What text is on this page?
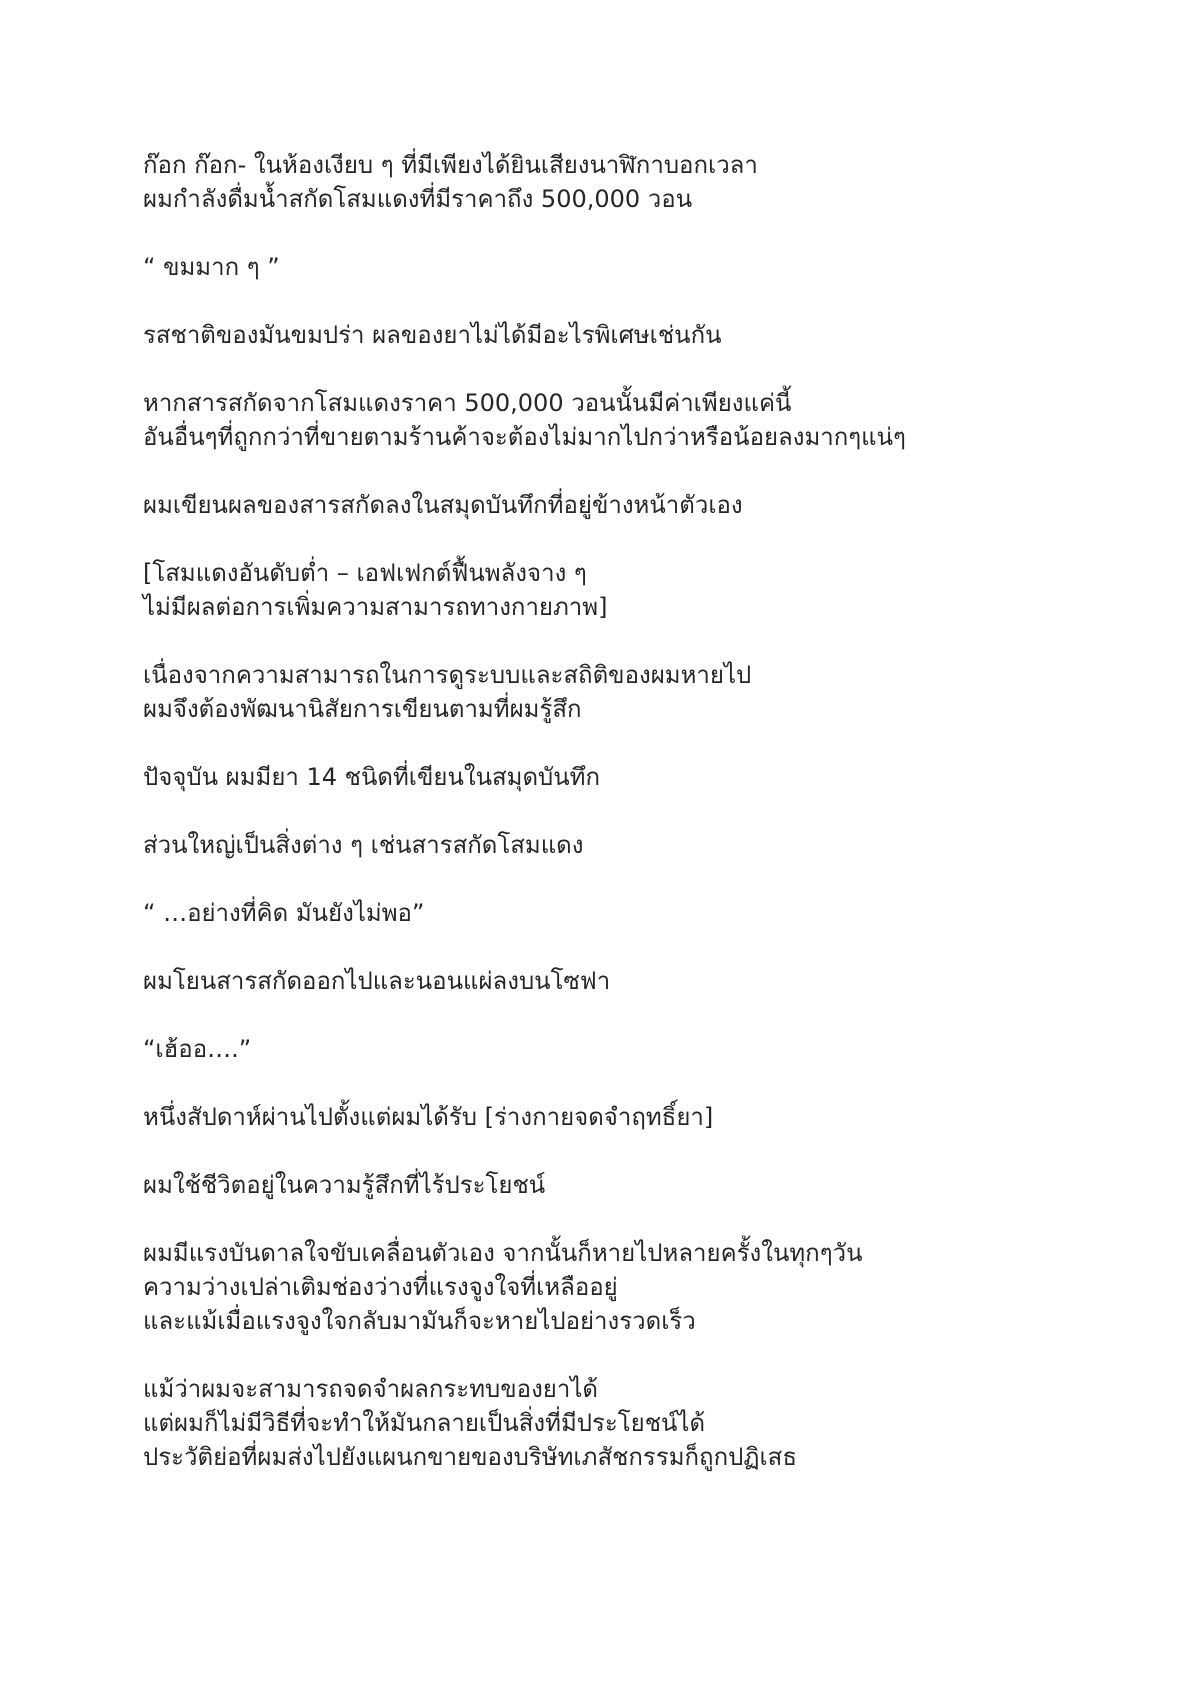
ก๊อก ก๊อก- ในห้องเงียบ ๆ ที่มีเพียงได้ยินเสียงนาฬิกาบอกเวลา
ผมกำลังดื่มน้ำสกัดโสมแดงที่มีราคาถึง 500,000 วอน
“ ขมมาก ๆ ”
รสชาติของมันขมปร่า ผลของยาไม่ได้มีอะไรพิเศษเช่นกัน
หากสารสกัดจากโสมแดงราคา 500,000 วอนนั้นมีค่าเพียงแค่นี้
อันอื่นๆที่ถูกกว่าที่ขายตามร้านค้าจะต้องไม่มากไปกว่าหรือน้อยลงมากๆแน่ๆ
ผมเขียนผลของสารสกัดลงในสมุดบันทึกที่อยู่ข้างหน้าตัวเอง
[โสมแดงอันดับต่ำ – เอฟเฟกต์ฟื้นพลังจาง ๆ
ไม่มีผลต่อการเพิ่มความสามารถทางกายภาพ]
เนื่องจากความสามารถในการดูระบบและสถิติของผมหายไป
ผมจึงต้องพัฒนานิสัยการเขียนตามที่ผมรู้สึก
ปัจจุบัน ผมมียา 14 ชนิดที่เขียนในสมุดบันทึก
ส่วนใหญ่เป็นสิ่งต่าง ๆ เช่นสารสกัดโสมแดง
“ …อย่างที่คิด มันยังไม่พอ”
ผมโยนสารสกัดออกไปและนอนแผ่ลงบนโซฟา
“เฮ้ออ….”
หนึ่งสัปดาห์ผ่านไปตั้งแต่ผมได้รับ [ร่างกายจดจำฤทธิ์ยา]
ผมใช้ชีวิตอยู่ในความรู้สึกที่ไร้ประโยชน์
ผมมีแรงบันดาลใจขับเคลื่อนตัวเอง จากนั้นก็หายไปหลายครั้งในทุกๆวัน
ความว่างเปล่าเติมช่องว่างที่แรงจูงใจที่เหลืออยู่
และแม้เมื่อแรงจูงใจกลับมามันก็จะหายไปอย่างรวดเร็ว
แม้ว่าผมจะสามารถจดจำผลกระทบของยาได้
แต่ผมก็ไม่มีวิธีที่จะทำให้มันกลายเป็นสิ่งที่มีประโยชน์ได้
ประวัติย่อที่ผมส่งไปยังแผนกขายของบริษัทเภสัชกรรมก็ถูกปฏิเสธ
